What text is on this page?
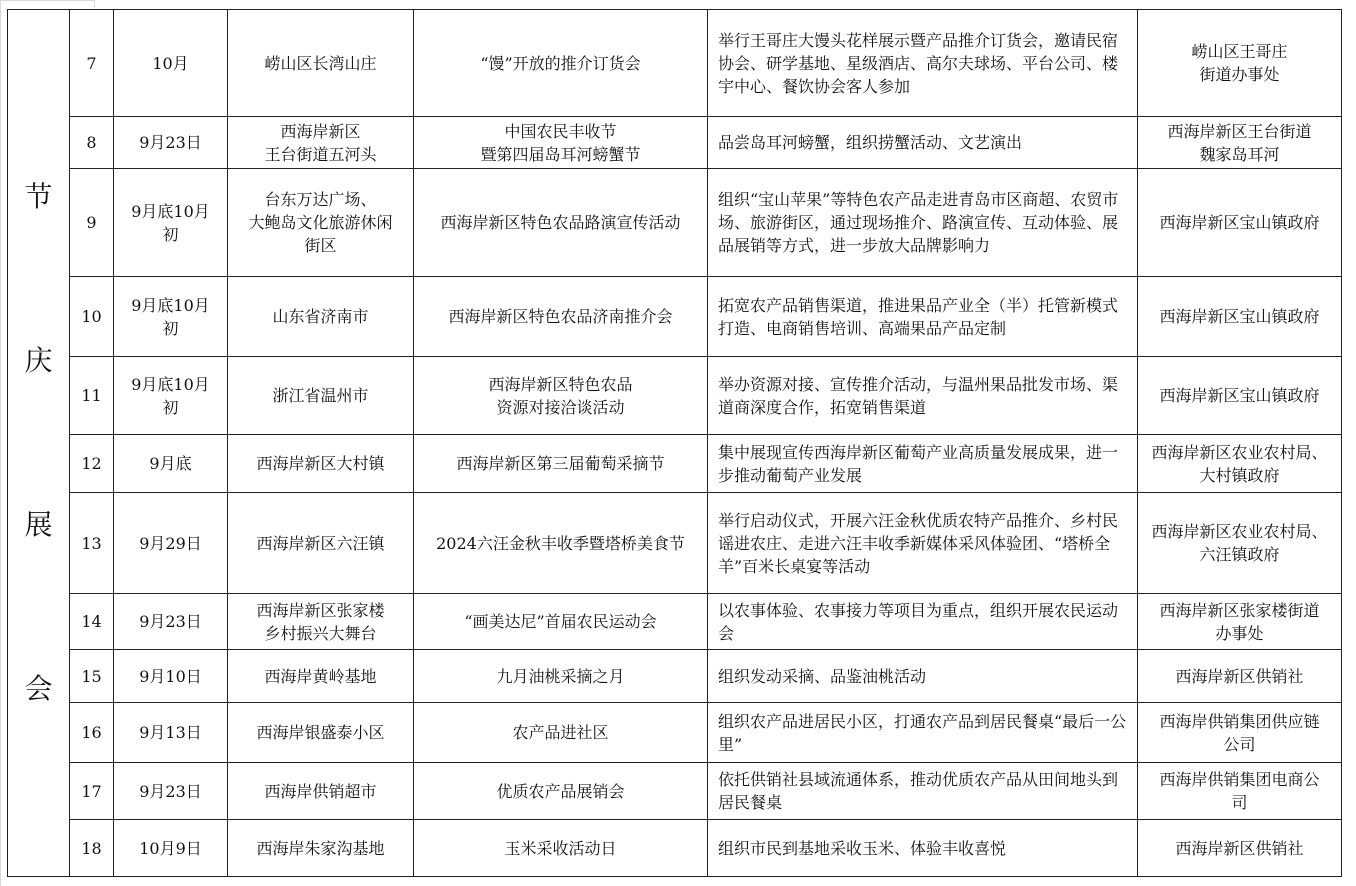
节
庆
展
会	7	10月	崂山区长湾山庄	“馒”开放的推介订货会	举行王哥庄大馒头花样展示暨产品推介订货会，邀请民宿协会、研学基地、星级酒店、高尔夫球场、平台公司、楼宇中心、餐饮协会客人参加	崂山区王哥庄
街道办事处
	8	9月23日	西海岸新区
王台街道五河头	中国农民丰收节
暨第四届岛耳河螃蟹节	品尝岛耳河螃蟹，组织捞蟹活动、文艺演出	西海岸新区王台街道
魏家岛耳河
	9	9月底10月
初	台东万达广场、
大鲍岛文化旅游休闲
街区	西海岸新区特色农品路演宣传活动	组织“宝山苹果”等特色农产品走进青岛市区商超、农贸市场、旅游街区，通过现场推介、路演宣传、互动体验、展品展销等方式，进一步放大品牌影响力	西海岸新区宝山镇政府
	10	9月底10月
初	山东省济南市	西海岸新区特色农品济南推介会	拓宽农产品销售渠道，推进果品产业全（半）托管新模式打造、电商销售培训、高端果品产品定制	西海岸新区宝山镇政府
	11	9月底10月
初	浙江省温州市	西海岸新区特色农品
资源对接洽谈活动	举办资源对接、宣传推介活动，与温州果品批发市场、渠道商深度合作，拓宽销售渠道	西海岸新区宝山镇政府
	12	9月底	西海岸新区大村镇	西海岸新区第三届葡萄采摘节	集中展现宣传西海岸新区葡萄产业高质量发展成果，进一步推动葡萄产业发展	西海岸新区农业农村局、
大村镇政府
	13	9月29日	西海岸新区六汪镇	2024六汪金秋丰收季暨塔桥美食节	举行启动仪式，开展六汪金秋优质农特产品推介、乡村民谣进农庄、走进六汪丰收季新媒体采风体验团、“塔桥全羊”百米长桌宴等活动	西海岸新区农业农村局、
六汪镇政府
	14	9月23日	西海岸新区张家楼
乡村振兴大舞台	“画美达尼”首届农民运动会	以农事体验、农事接力等项目为重点，组织开展农民运动会	西海岸新区张家楼街道
办事处
	15	9月10日	西海岸黄岭基地	九月油桃采摘之月	组织发动采摘、品鉴油桃活动	西海岸新区供销社
	16	9月13日	西海岸银盛泰小区	农产品进社区	组织农产品进居民小区，打通农产品到居民餐桌“最后一公里”	西海岸供销集团供应链
公司
	17	9月23日	西海岸供销超市	优质农产品展销会	依托供销社县域流通体系，推动优质农产品从田间地头到居民餐桌	西海岸供销集团电商公
司
	18	10月9日	西海岸朱家沟基地	玉米采收活动日	组织市民到基地采收玉米、体验丰收喜悦	西海岸新区供销社
